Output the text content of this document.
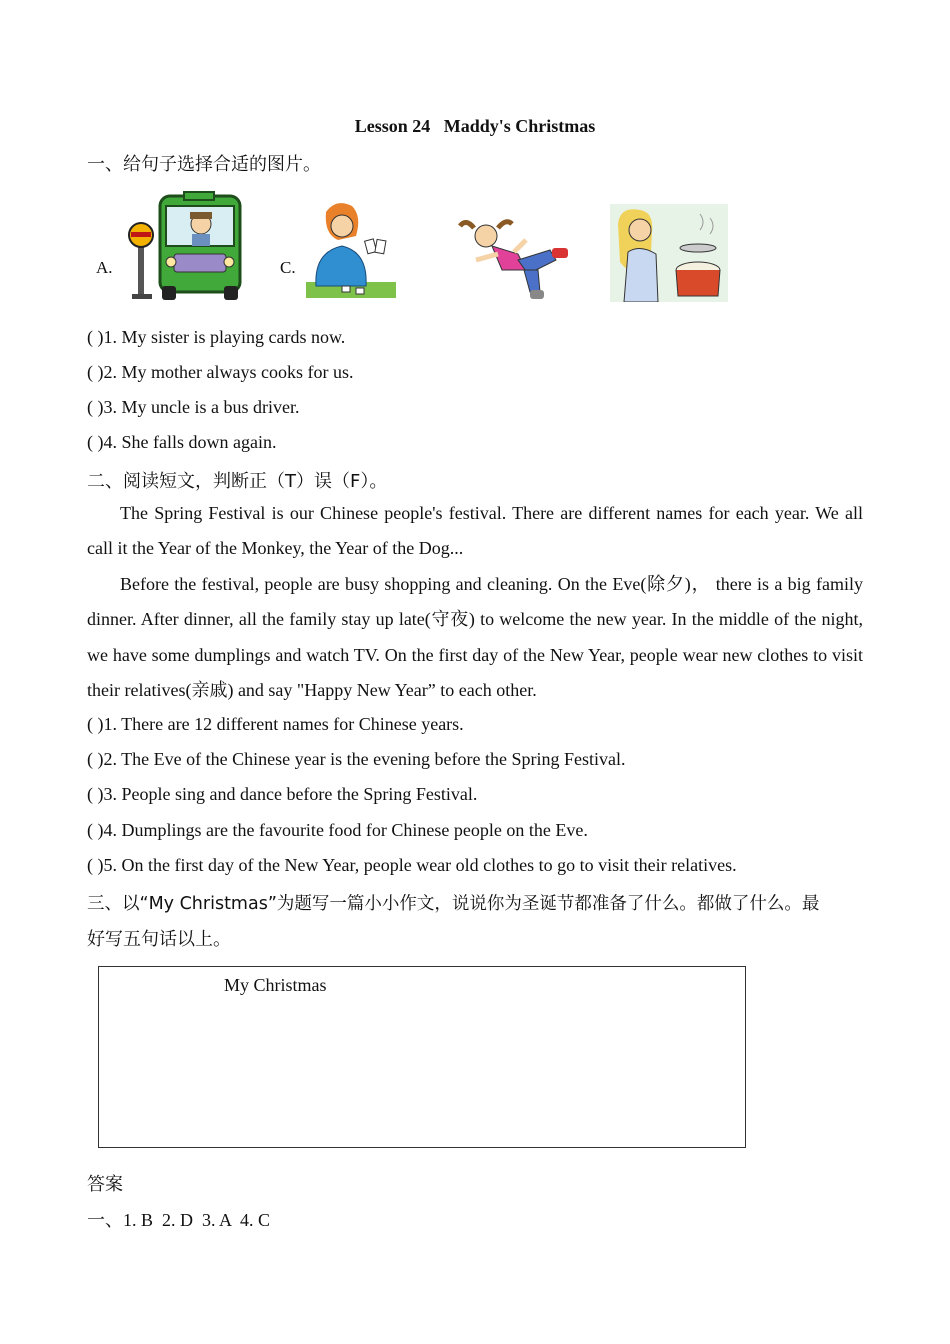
Lesson 24   Maddy's Christmas
一、给句子选择合适的图片。
A.	C.
( )1. My sister is playing cards now.
( )2. My mother always cooks for us.
( )3. My uncle is a bus driver.
( )4. She falls down again.
二、阅读短文，判断正（T）误（F）。
The Spring Festival is our Chinese people's festival. There are different names for each year. We all call it the Year of the Monkey, the Year of the Dog...
Before the festival, people are busy shopping and cleaning. On the Eve(除夕)， there is a big family dinner. After dinner, all the family stay up late(守夜) to welcome the new year. In the middle of the night, we have some dumplings and watch TV. On the first day of the New Year, people wear new clothes to visit their relatives(亲戚) and say "Happy New Year” to each other.
( )1. There are 12 different names for Chinese years.
( )2. The Eve of the Chinese year is the evening before the Spring Festival.
( )3. People sing and dance before the Spring Festival.
( )4. Dumplings are the favourite food for Chinese people on the Eve.
( )5. On the first day of the New Year, people wear old clothes to go to visit their relatives.
三、以“My Christmas”为题写一篇小小作文，说说你为圣诞节都准备了什么。都做了什么。最
好写五句话以上。
My Christmas
答案
一、1. B  2. D  3. A  4. C
